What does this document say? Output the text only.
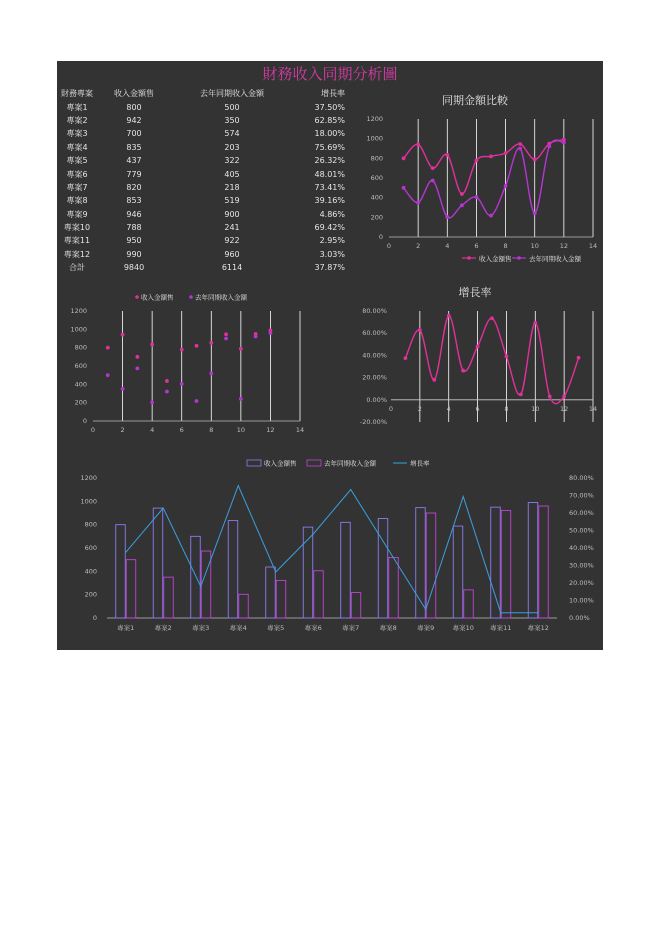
財務收入同期分析圖
財務專案	收入金額售	去年同期收入金額	增長率
專案1	800	500	37.50%
專案2	942	350	62.85%
專案3	700	574	18.00%
專案4	835	203	75.69%
專案5	437	322	26.32%
專案6	779	405	48.01%
專案7	820	218	73.41%
專案8	853	519	39.16%
專案9	946	900	4.86%
專案10	788	241	69.42%
專案11	950	922	2.95%
專案12	990	960	3.03%
合計	9840	6114	37.87%
同期金額比較
0	2	4	6	8	10	12	14
0
200
400
600
800
1000
1200
收入金額售	去年同期收入金額
收入金額售	去年同期收入金額
0	2	4	6	8	10	12	14
0
200
400
600
800
1000
1200
增長率
0	2	4	6	8	10	12	14
-20.00%
0.00%
20.00%
40.00%
60.00%
80.00%
收入金額售	去年同期收入金額	增長率
0
200
400
600
800
1000
1200
0.00%
10.00%
20.00%
30.00%
40.00%
50.00%
60.00%
70.00%
80.00%
專案1	專案2	專案3	專案4	專案5	專案6	專案7	專案8	專案9	專案10 專案11 專案12
